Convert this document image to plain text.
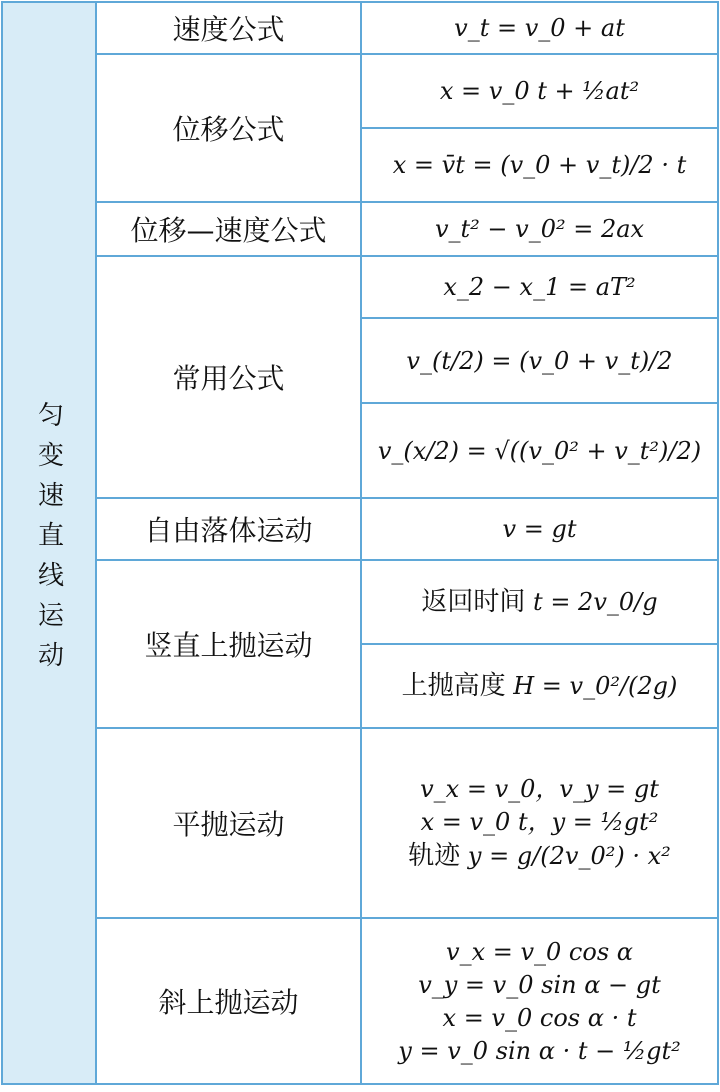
匀变速直线运动	速度公式	v_t = v_0 + at
	位移公式	x = v_0 t + ½at²
		x = v̄t = (v_0 + v_t)/2 · t
	位移—速度公式	v_t² − v_0² = 2ax
	常用公式	x_2 − x_1 = aT²
		v_(t/2) = (v_0 + v_t)/2
		v_(x/2) = √((v_0² + v_t²)/2)
	自由落体运动	v = gt
	竖直上抛运动	返回时间 t = 2v_0/g
		上抛高度 H = v_0²/(2g)
	平抛运动	v_x = v_0，v_y = gt
x = v_0 t，y = ½gt²
轨迹 y = g/(2v_0²) · x²

	斜上抛运动	v_x = v_0 cos α
v_y = v_0 sin α − gt
x = v_0 cos α · t
y = v_0 sin α · t − ½gt²
